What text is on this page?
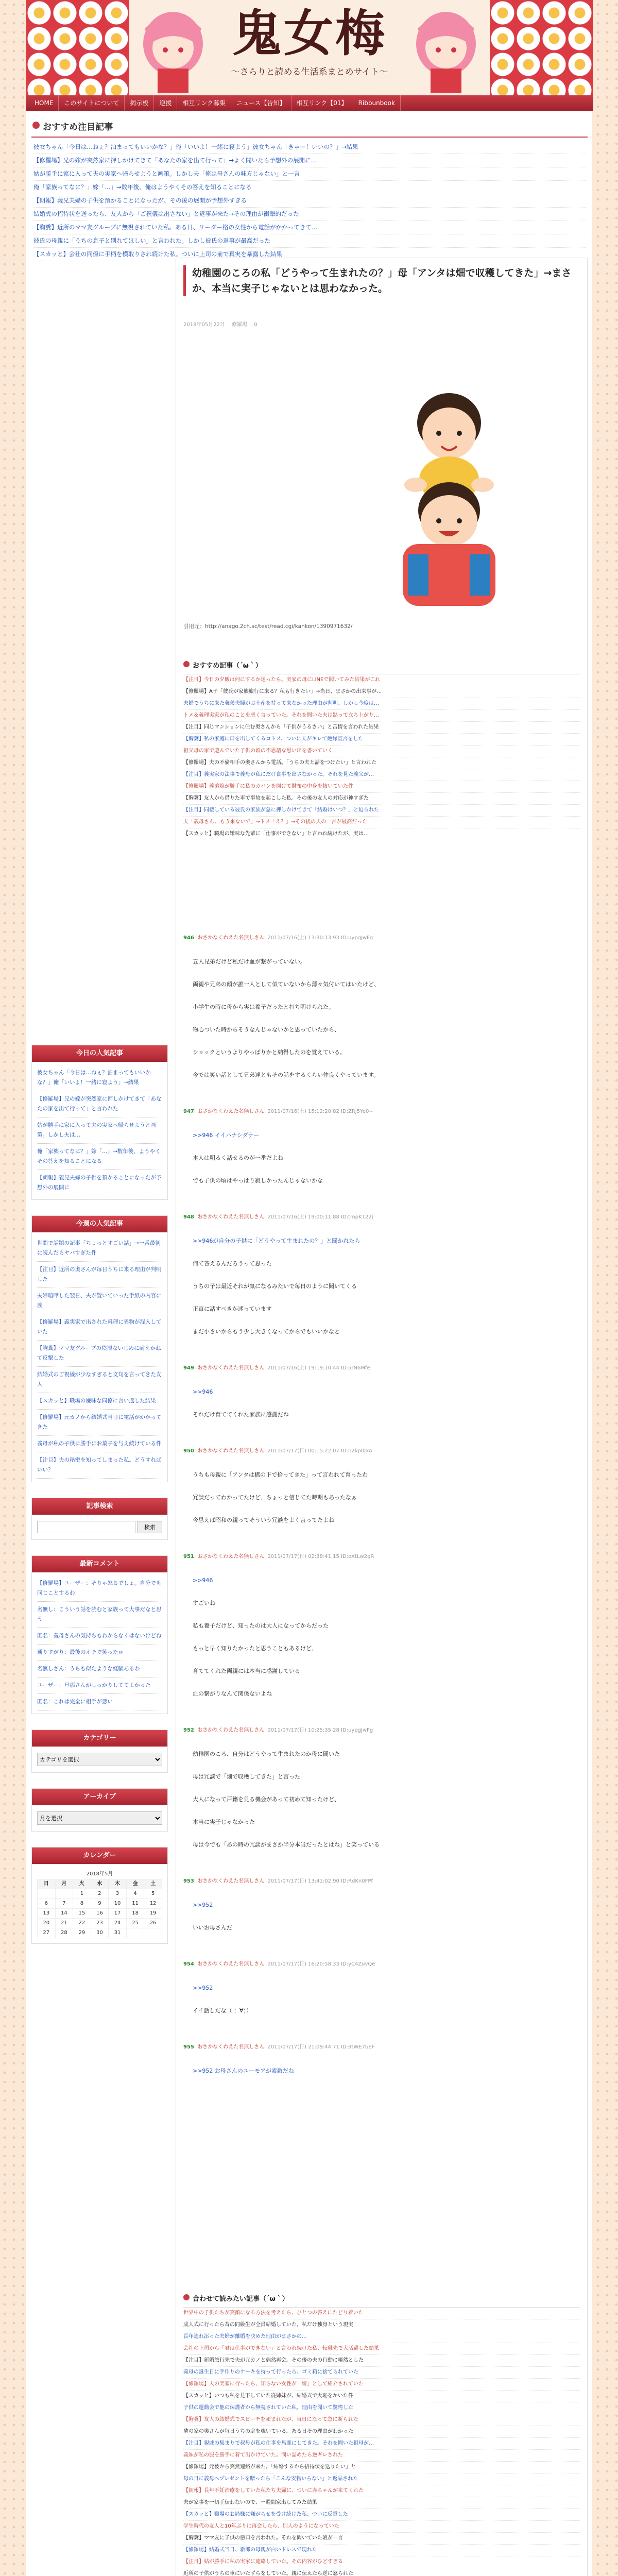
鬼女梅
〜さらりと読める生活系まとめサイト〜
HOME	このサイトについて	掲示板	逆援	相互リンク募集	ニュース【告知】	相互リンク【01】	Ribbunbook
おすすめ注目記事
彼女ちゃん「今日は…ねぇ？泊まってもいいかな？」俺「いいよ！一緒に寝よう」彼女ちゃん「きゃー！いいの？」→結果
【修羅場】兄の嫁が突然家に押しかけてきて「あなたの家を出て行って」→よく聞いたら予想外の展開に…
姑が勝手に家に入って夫の実家へ帰らせようと画策。しかし夫「俺は母さんの味方じゃない」と一言
俺「家族ってなに？」嫁「…」→数年後、俺はようやくその答えを知ることになる
【朗報】義兄夫婦の子供を預かることになったが、その後の展開が予想外すぎる
結婚式の招待状を送ったら、友人から「ご祝儀は出さない」と返事が来た→その理由が衝撃的だった
【胸糞】近所のママ友グループに無視されていた私。ある日、リーダー格の女性から電話がかかってきて…
彼氏の母親に「うちの息子と別れてほしい」と言われた。しかし彼氏の返事が最高だった
【スカッと】会社の同僚に手柄を横取りされ続けた私。ついに上司の前で真実を暴露した結果
幼稚園のころの私「どうやって生まれたの？」母「アンタは畑で収穫してきた」→まさか、本当に実子じゃないとは思わなかった。
2018年05月22日 修羅場 0
引用元：http://anago.2ch.sc/test/read.cgi/kankon/1390971632/
おすすめ記事（´ω｀）
【注目】今日の夕飯は何にするか迷ったら、実家の母にLINEで聞いてみた結果がこれ
【修羅場】A子「彼氏が家族旅行に来る？私も行きたい」→当日、まさかの出来事が…
夫婦でうちに来た義弟夫婦がお土産を持って来なかった理由が判明、しかし今度は…
トメ＆義理実家が私のことを悪く言っていた。それを聞いた夫は黙って立ち上がり…
【注目】同じマンションに住む奥さんから「子供がうるさい」と苦情を言われた結果
【胸糞】私の家庭に口を出してくるコトメ、ついに夫がキレて絶縁宣言をした
祖父母の家で遊んでいた子供の頃の不思議な思い出を書いていく
【修羅場】夫の不倫相手の奥さんから電話。「うちの夫と話をつけたい」と言われた
【注目】義実家の法事で義母が私にだけ食事を出さなかった。それを見た義父が…
【修羅場】義弟嫁が勝手に私のカバンを開けて財布の中身を抜いていた件
【胸糞】友人から借りた車で事故を起こした私。その後の友人の対応が神すぎた
【注目】同棲している彼氏の家族が急に押しかけてきて「結婚はいつ？」と迫られた
夫「義母さん、もう来ないで」→トメ「え？」→その後の夫の一言が最高だった
【スカッと】職場の嫌味な先輩に「仕事ができない」と言われ続けたが、実は…
946: おさかなくわえた名無しさん 2011/07/16(土) 13:30:13.93 ID:uypgJwFg

五人兄弟だけど私だけ血が繋がっていない。

両親や兄弟の顔が誰一人として似ていないから薄々気付いてはいたけど、

小学生の時に母から実は養子だったと打ち明けられた。

物心ついた時からそうなんじゃないかと思っていたから、

ショックというよりやっぱりかと納得したのを覚えている。

今では笑い話として兄弟達ともその話をするくらい仲良くやっています。

947: おさかなくわえた名無しさん 2011/07/16(土) 15:12:20.82 ID:ZRj5Ye0+

>>946 イイハナシダナー

本人は明るく話せるのが一番だよね

でも子供の頃はやっぱり寂しかったんじゃないかな

948: おさかなくわえた名無しさん 2011/07/16(土) 19:00:11.88 ID:tmpK122j

>>946が自分の子供に「どうやって生まれたの？」と聞かれたら

何て答えるんだろうって思った

うちの子は最近それが気になるみたいで毎日のように聞いてくる

正直に話すべきか迷っています

まだ小さいからもう少し大きくなってからでもいいかなと

949: おさかなくわえた名無しさん 2011/07/16(土) 19:19:10.44 ID:5rN6Mfe

>>946

それだけ育ててくれた家族に感謝だね

950: おさかなくわえた名無しさん 2011/07/17(日) 00:15:22.07 ID:h2kp0JxA

うちも母親に「アンタは橋の下で拾ってきた」って言われて育ったわ

冗談だってわかってたけど、ちょっと信じてた時期もあったなぁ

今思えば昭和の親ってそういう冗談をよく言ってたよね

951: おさかなくわえた名無しさん 2011/07/17(日) 02:38:41.15 ID:oXtLw2qR

>>946

すごいね

私も養子だけど、知ったのは大人になってからだった

もっと早く知りたかったと思うこともあるけど、

育ててくれた両親には本当に感謝している

血の繋がりなんて関係ないよね

952: おさかなくわえた名無しさん 2011/07/17(日) 10:25:35.28 ID:uypgJwFg

幼稚園のころ、自分はどうやって生まれたのか母に聞いた

母は冗談で「畑で収穫してきた」と言った

大人になって戸籍を見る機会があって初めて知ったけど、

本当に実子じゃなかった

母は今でも「あの時の冗談がまさか半分本当だったとはね」と笑っている

953: おさかなくわえた名無しさん 2011/07/17(日) 13:41:02.90 ID:RdKn0FPf

>>952

いいお母さんだ

954: おさかなくわえた名無しさん 2011/07/17(日) 16:20:58.33 ID:yC4ZuvQe

>>952

イイ話しだな（ ；∀；）

955: おさかなくわえた名無しさん 2011/07/17(日) 21:09:44.71 ID:9tWE7bEF

>>952 お母さんのユーモアが素敵だね

合わせて読みたい記事（´ω｀）
世界中の子供たちが笑顔になる方法を考えたら、ひとつの答えにたどり着いた
成人式に行ったら昔の同級生が全員結婚していた。私だけ独身という現実
長年連れ添った夫婦が離婚を決めた理由がまさかの…
会社の上司から「君は仕事ができない」と言われ続けた私、転職先で大活躍した結果
【注目】新婚旅行先で夫が元カノと偶然再会。その後の夫の行動に唖然とした
義母の誕生日に手作りのケーキを持って行ったら、ゴミ箱に捨てられていた
【修羅場】夫の実家に行ったら、知らない女性が「嫁」として紹介されていた
【スカッと】いつも私を見下していた従姉妹が、結婚式で大恥をかいた件
子供の運動会で他の保護者から無視されていた私。理由を聞いて驚愕した
【胸糞】友人の結婚式でスピーチを頼まれたが、当日になって急に断られた
隣の家の奥さんが毎日うちの庭を覗いている。ある日その理由がわかった
【注目】親戚の集まりで叔母が私の仕事を馬鹿にしてきた。それを聞いた祖母が…
義妹が私の服を勝手に着て出かけていた。問い詰めたら逆ギレされた
【修羅場】元彼から突然連絡が来た。「結婚するから招待状を送りたい」と
母の日に義母へプレゼントを贈ったら「こんな安物いらない」と返品された
【朗報】長年不妊治療をしていた私たち夫婦に、ついに赤ちゃんが来てくれた
夫が家事を一切手伝わないので、一週間家出してみた結果
【スカッと】職場のお局様に嫌がらせを受け続けた私、ついに反撃した
学生時代の友人と10年ぶりに再会したら、別人のようになっていた
【胸糞】ママ友に子供の悪口を言われた。それを聞いていた娘が一言
【修羅場】結婚式当日、新郎の母親が白いドレスで現れた
【注目】姑が勝手に私の実家に連絡していた。その内容がひどすぎる
近所の子供がうちの車にいたずらをしていた。親に伝えたら逆に怒られた
今日の人気記事
彼女ちゃん「今日は…ねぇ？泊まってもいいかな？」俺「いいよ！一緒に寝よう」→結果
【修羅場】兄の嫁が突然家に押しかけてきて「あなたの家を出て行って」と言われた
姑が勝手に家に入って夫の実家へ帰らせようと画策。しかし夫は…
俺「家族ってなに？」嫁「…」→数年後、ようやくその答えを知ることになる
【朗報】義兄夫婦の子供を預かることになったが予想外の展開に
今週の人気記事
世間で話題の記事「ちょっとすごい話」→一番最初に読んだらヤバすぎた件
【注目】近所の奥さんが毎日うちに来る理由が判明した
夫婦喧嘩した翌日、夫が置いていった手紙の内容に涙
【修羅場】義実家で出された料理に異物が混入していた
【胸糞】ママ友グループの陰湿ないじめに耐えかねて反撃した
結婚式のご祝儀が少なすぎると文句を言ってきた友人
【スカッと】職場の嫌味な同僚に言い返した結果
【修羅場】元カノから結婚式当日に電話がかかってきた
義母が私の子供に勝手にお菓子を与え続けている件
【注目】夫の秘密を知ってしまった私。どうすればいい？
記事検索
検索
最新コメント
【修羅場】ユーザー：そりゃ怒るでしょ。自分でも同じことするわ
名無し：こういう話を読むと家族って大事だなと思う
匿名：義母さんの気持ちもわからなくはないけどね
通りすがり：最後のオチで笑ったｗ
名無しさん：うちも似たような経験あるわ
ユーザー：旦那さんがしっかりしててよかった
匿名：これは完全に相手が悪い
カテゴリー
カテゴリを選択
アーカイブ
月を選択
カレンダー
2018年5月
日	月	火	水	木	金	土
		1	2	3	4	5
6	7	8	9	10	11	12
13	14	15	16	17	18	19
20	21	22	23	24	25	26
27	28	29	30	31		
